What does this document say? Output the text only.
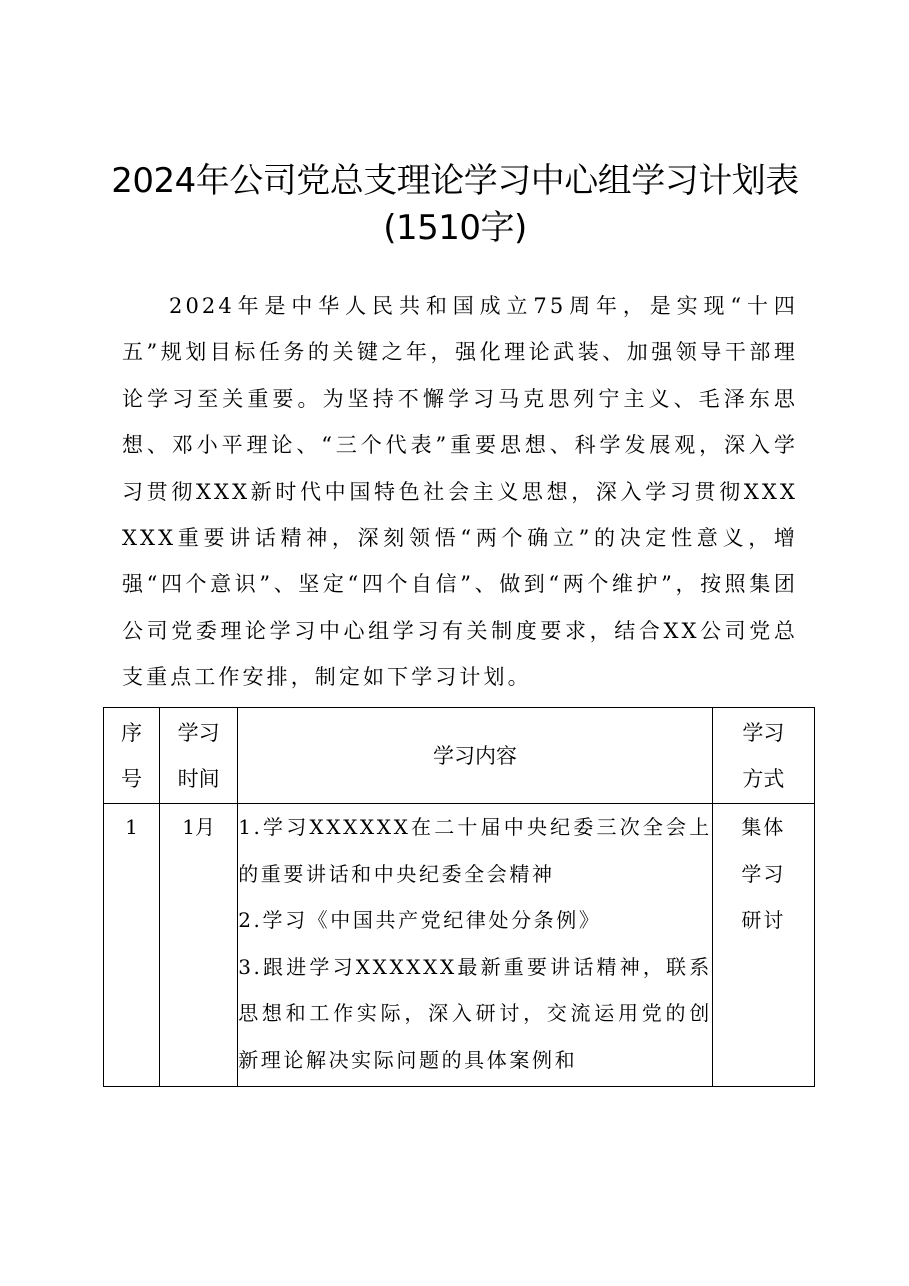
2024年公司党总支理论学习中心组学习计划表(1510字)

2024年是中华人民共和国成立75周年，是实现“十四五”规划目标任务的关键之年，强化理论武装、加强领导干部理论学习至关重要。为坚持不懈学习马克思列宁主义、毛泽东思想、邓小平理论、“三个代表”重要思想、科学发展观，深入学习贯彻XXX新时代中国特色社会主义思想，深入学习贯彻XXXXXX重要讲话精神，深刻领悟“两个确立”的决定性意义，增强“四个意识”、坚定“四个自信”、做到“两个维护”，按照集团公司党委理论学习中心组学习有关制度要求，结合XX公司党总支重点工作安排，制定如下学习计划。

序号	学习时间	学习内容	学习方式

1	1月	1.学习XXXXXX在二十届中央纪委三次全会上的重要讲话和中央纪委全会精神
2.学习《中国共产党纪律处分条例》
3.跟进学习XXXXXX最新重要讲话精神，联系思想和工作实际，深入研讨，交流运用党的创新理论解决实际问题的具体案例和	集体学习研讨
